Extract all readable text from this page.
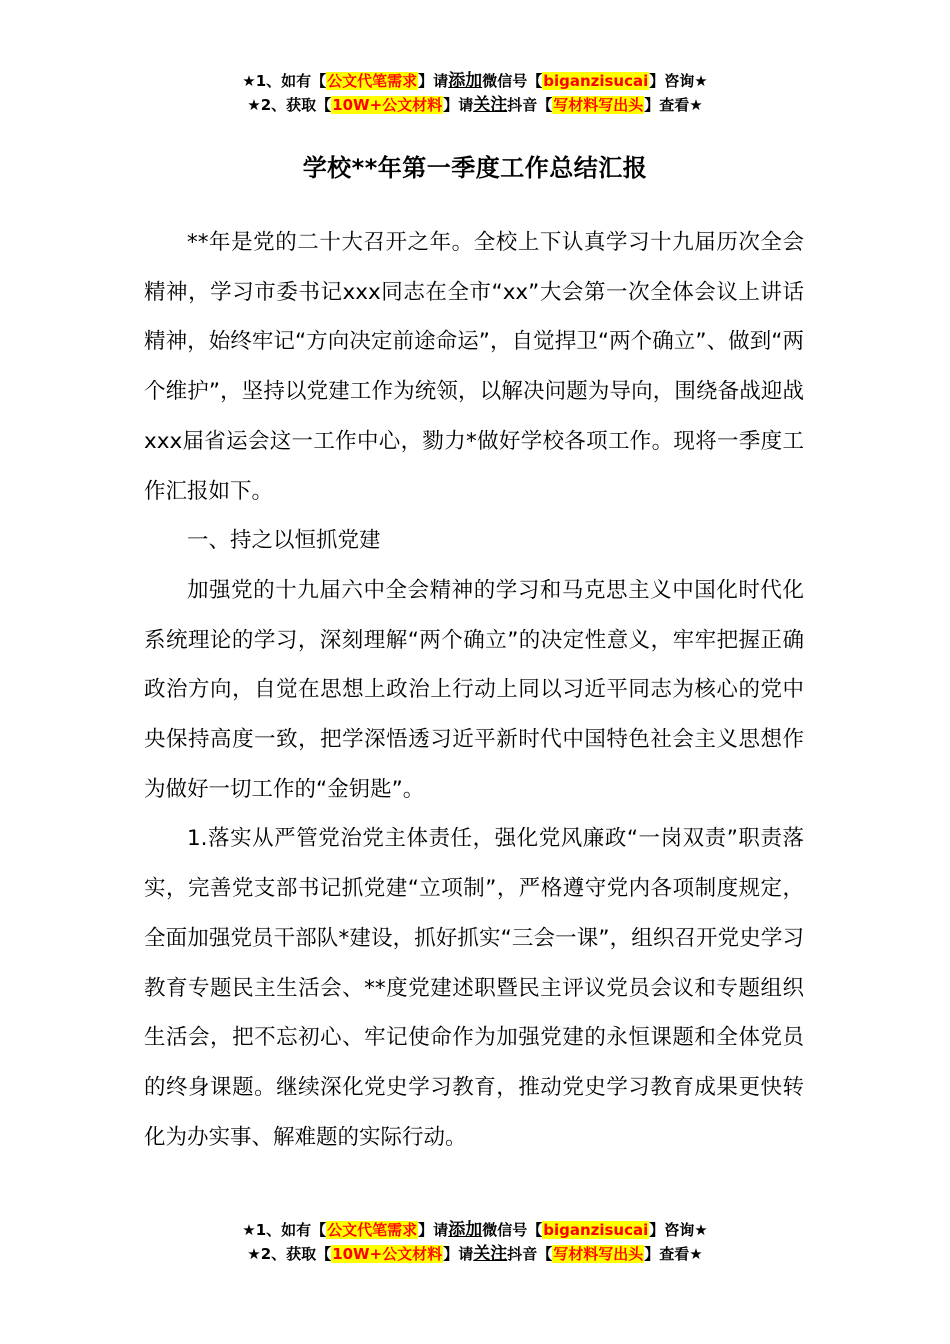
★1、如有【公文代笔需求】请添加微信号【biganzisucai】咨询★
★2、获取【10W+公文材料】请关注抖音【写材料写出头】查看★
学校**年第一季度工作总结汇报

**年是党的二十大召开之年。全校上下认真学习十九届历次全会精神，学习市委书记xxx同志在全市“xx”大会第一次全体会议上讲话精神，始终牢记“方向决定前途命运”，自觉捍卫“两个确立”、做到“两个维护”，坚持以党建工作为统领，以解决问题为导向，围绕备战迎战xxx届省运会这一工作中心，勠力*做好学校各项工作。现将一季度工作汇报如下。

一、持之以恒抓党建

加强党的十九届六中全会精神的学习和马克思主义中国化时代化系统理论的学习，深刻理解“两个确立”的决定性意义，牢牢把握正确政治方向，自觉在思想上政治上行动上同以习近平同志为核心的党中央保持高度一致，把学深悟透习近平新时代中国特色社会主义思想作为做好一切工作的“金钥匙”。

1.落实从严管党治党主体责任，强化党风廉政“一岗双责”职责落实，完善党支部书记抓党建“立项制”，严格遵守党内各项制度规定，全面加强党员干部队*建设，抓好抓实“三会一课”，组织召开党史学习教育专题民主生活会、**度党建述职暨民主评议党员会议和专题组织生活会，把不忘初心、牢记使命作为加强党建的永恒课题和全体党员的终身课题。继续深化党史学习教育，推动党史学习教育成果更快转化为办实事、解难题的实际行动。

★1、如有【公文代笔需求】请添加微信号【biganzisucai】咨询★
★2、获取【10W+公文材料】请关注抖音【写材料写出头】查看★
